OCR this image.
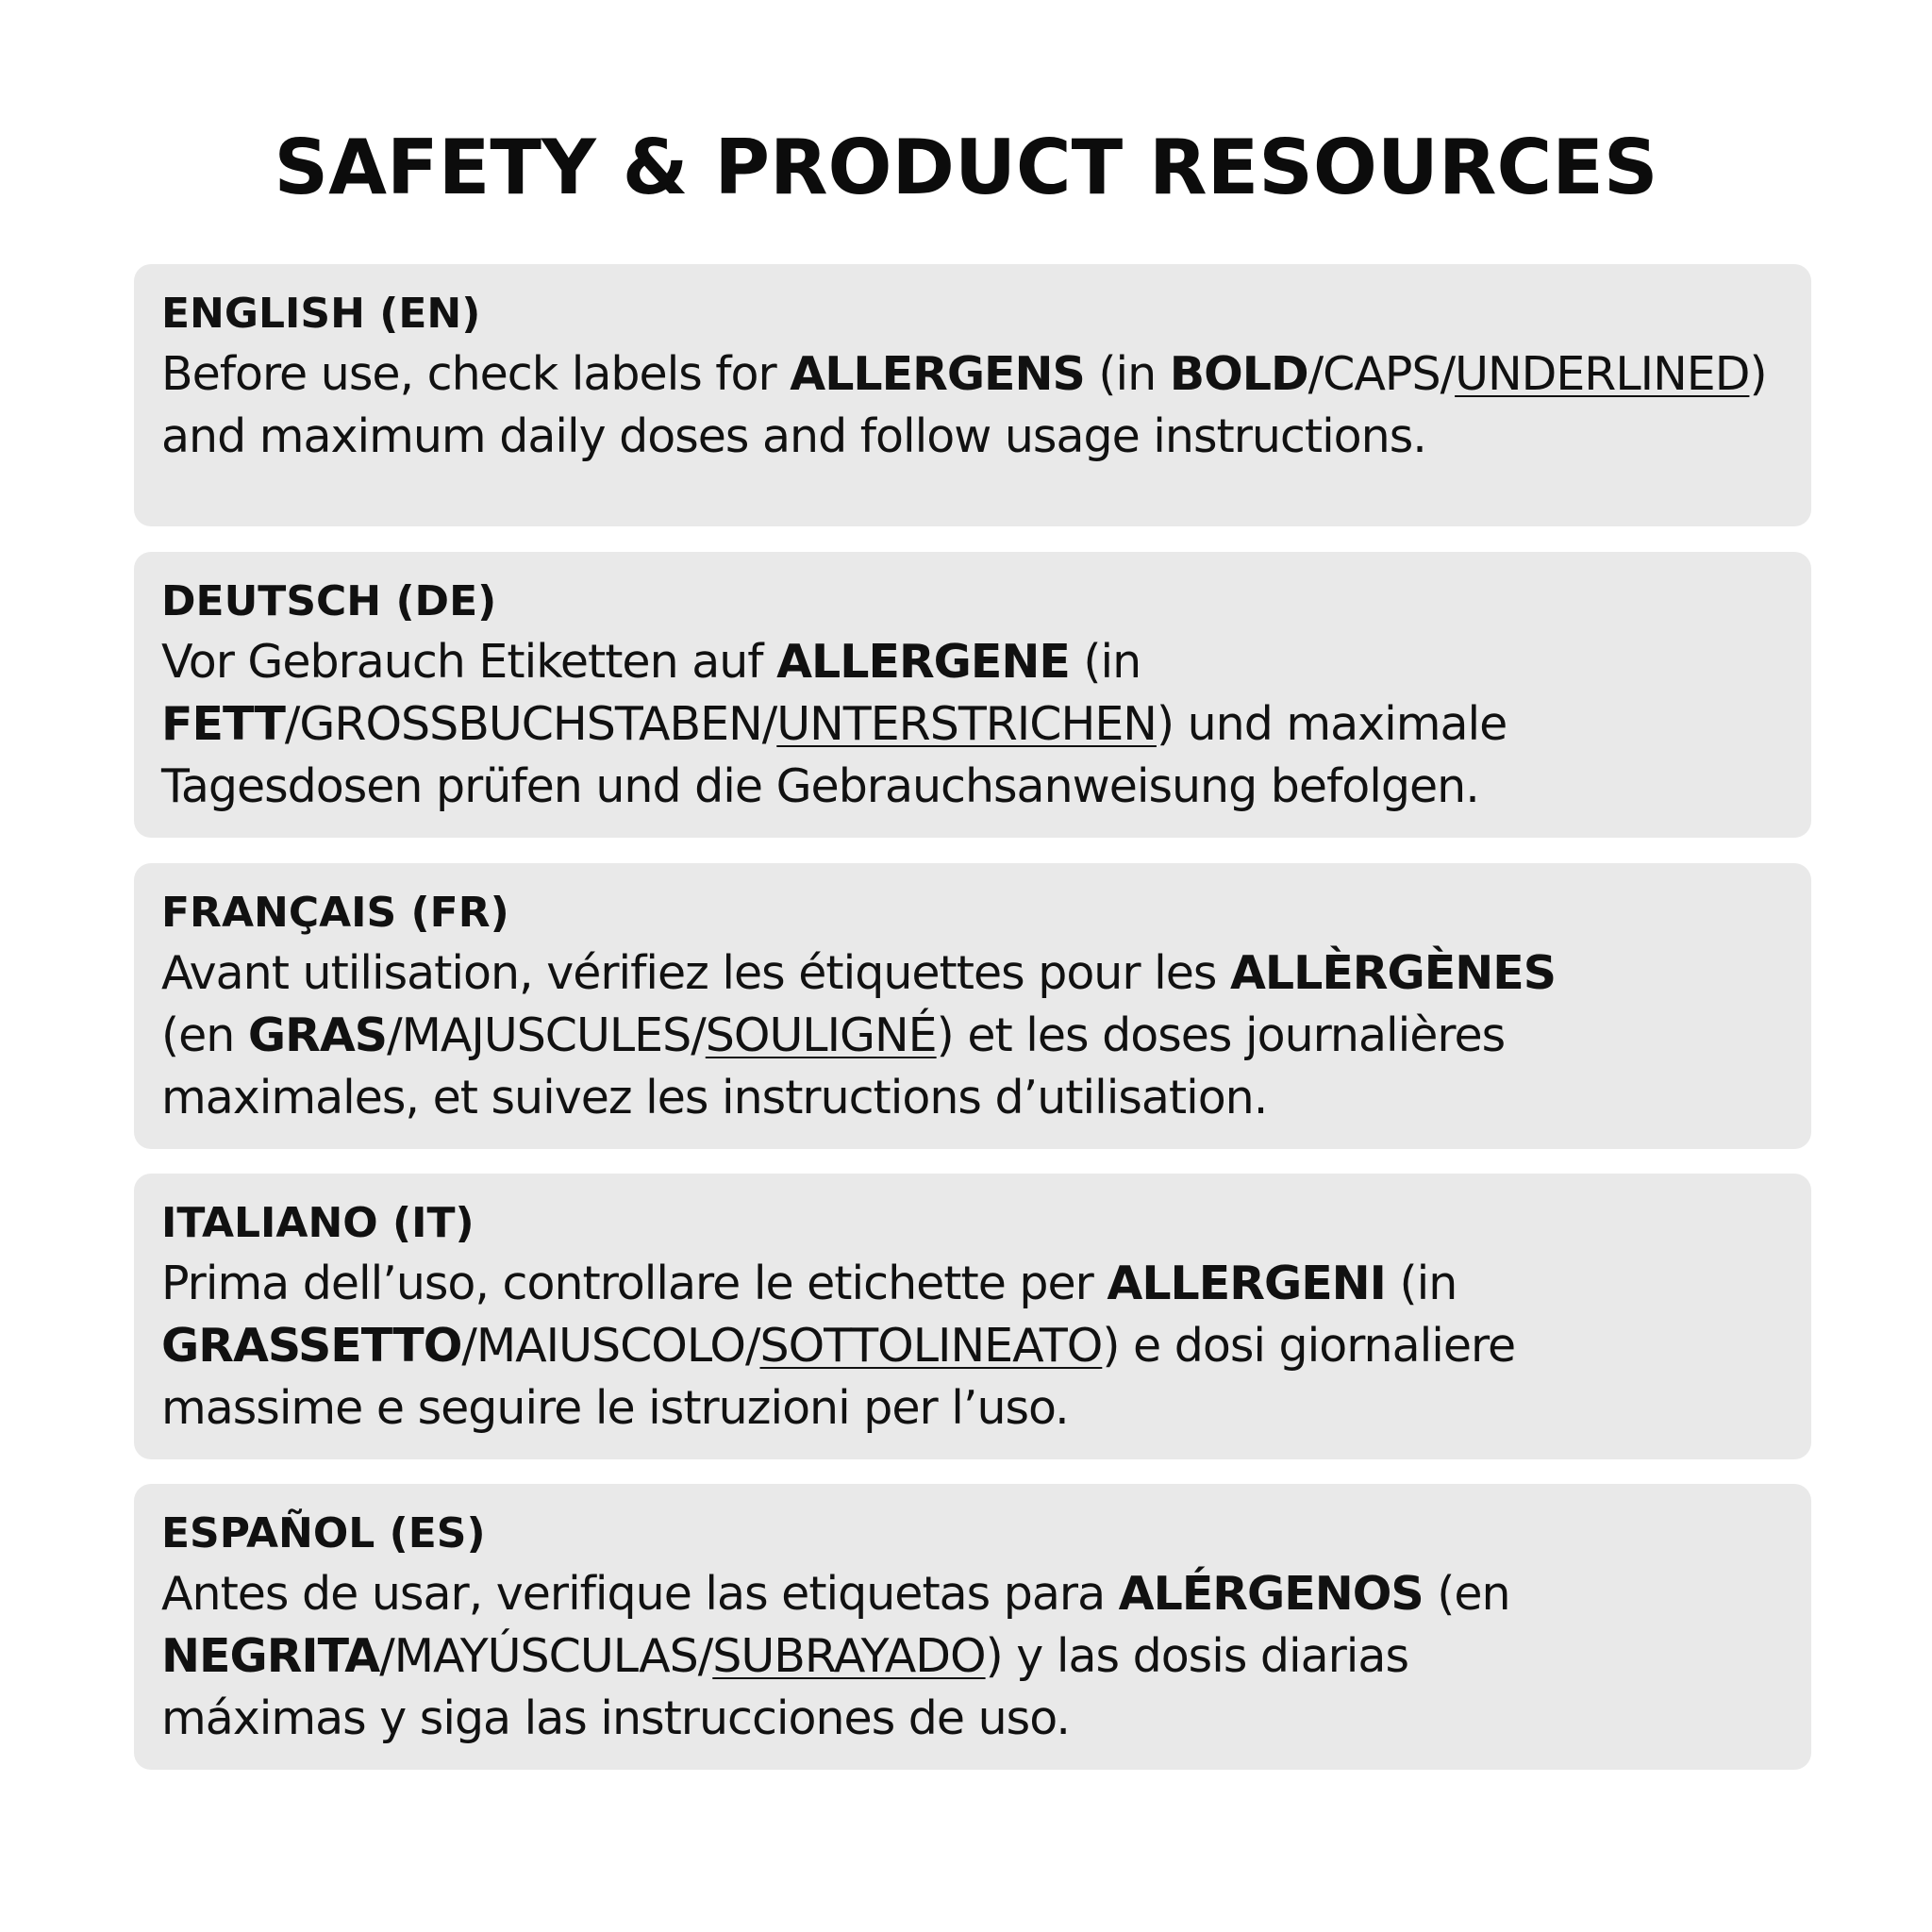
SAFETY & PRODUCT RESOURCES
ENGLISH (EN)
Before use, check labels for ALLERGENS (in BOLD/CAPS/UNDERLINED)
and maximum daily doses and follow usage instructions.
DEUTSCH (DE)
Vor Gebrauch Etiketten auf ALLERGENE (in
FETT/GROSSBUCHSTABEN/UNTERSTRICHEN) und maximale
Tagesdosen prüfen und die Gebrauchsanweisung befolgen.
FRANÇAIS (FR)
Avant utilisation, vérifiez les étiquettes pour les ALLÈRGÈNES
(en GRAS/MAJUSCULES/SOULIGNÉ) et les doses journalières
maximales, et suivez les instructions d’utilisation.
ITALIANO (IT)
Prima dell’uso, controllare le etichette per ALLERGENI (in
GRASSETTO/MAIUSCOLO/SOTTOLINEATO) e dosi giornaliere
massime e seguire le istruzioni per l’uso.
ESPAÑOL (ES)
Antes de usar, verifique las etiquetas para ALÉRGENOS (en
NEGRITA/MAYÚSCULAS/SUBRAYADO) y las dosis diarias
máximas y siga las instrucciones de uso.
